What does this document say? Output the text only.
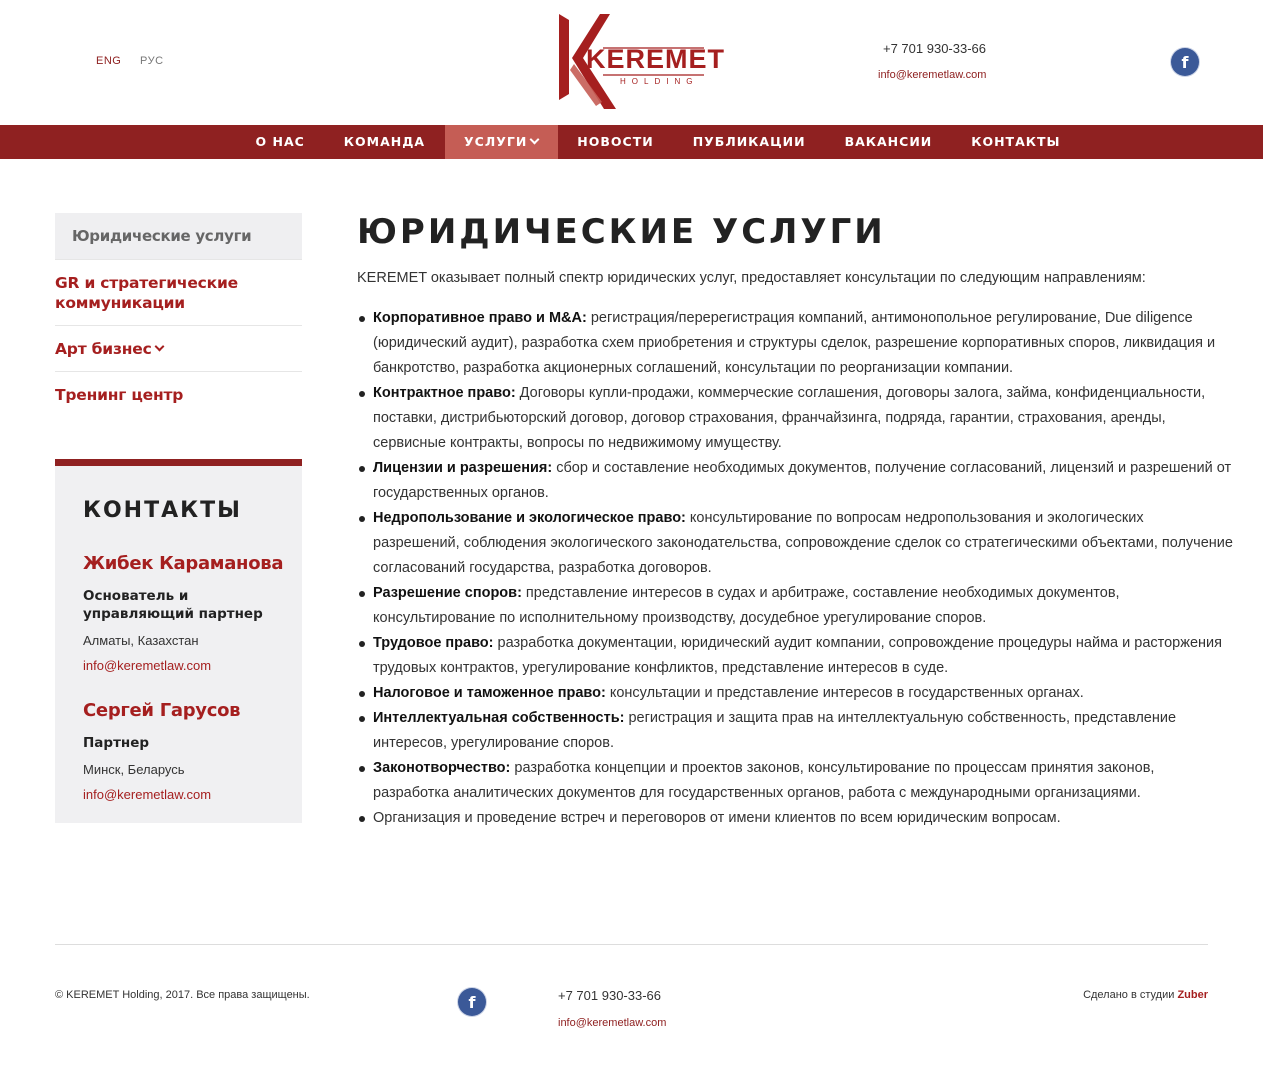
ENG РУС	KEREMET
HOLDING
+7 701 930-33-66
info@keremetlaw.com
f
О НАС	КОМАНДА	УСЛУГИ	НОВОСТИ	ПУБЛИКАЦИИ	ВАКАНСИИ	КОНТАКТЫ
Юридические услуги
GR и стратегические коммуникации
Арт бизнес
Тренинг центр
КОНТАКТЫ
Жибек Караманова
Основатель и управляющий партнер
Алматы, Казахстан
info@keremetlaw.com
Сергей Гарусов
Партнер
Минск, Беларусь
info@keremetlaw.com
ЮРИДИЧЕСКИЕ УСЛУГИ
KEREMET оказывает полный спектр юридических услуг, предоставляет консультации по следующим направлениям:
Корпоративное право и M&A: регистрация/перерегистрация компаний, антимонопольное регулирование, Due diligence (юридический аудит), разработка схем приобретения и структуры сделок, разрешение корпоративных споров, ликвидация и банкротство, разработка акционерных соглашений, консультации по реорганизации компании.
Контрактное право: Договоры купли-продажи, коммерческие соглашения, договоры залога, займа, конфиденциальности, поставки, дистрибьюторский договор, договор страхования, франчайзинга, подряда, гарантии, страхования, аренды, сервисные контракты, вопросы по недвижимому имуществу.
Лицензии и разрешения: сбор и составление необходимых документов, получение согласований, лицензий и разрешений от государственных органов.
Недропользование и экологическое право: консультирование по вопросам недропользования и экологических разрешений, соблюдения экологического законодательства, сопровождение сделок со стратегическими объектами, получение согласований государства, разработка договоров.
Разрешение споров: представление интересов в судах и арбитраже, составление необходимых документов, консультирование по исполнительному производству, досудебное урегулирование споров.
Трудовое право: разработка документации, юридический аудит компании, сопровождение процедуры найма и расторжения трудовых контрактов, урегулирование конфликтов, представление интересов в суде.
Налоговое и таможенное право: консультации и представление интересов в государственных органах.
Интеллектуальная собственность: регистрация и защита прав на интеллектуальную собственность, представление интересов, урегулирование споров.
Законотворчество: разработка концепции и проектов законов, консультирование по процессам принятия законов, разработка аналитических документов для государственных органов, работа с международными организациями.
Организация и проведение встреч и переговоров от имени клиентов по всем юридическим вопросам.
© KEREMET Holding, 2017. Все права защищены.	f	+7 701 930-33-66
info@keremetlaw.com
Сделано в студии Zuber
